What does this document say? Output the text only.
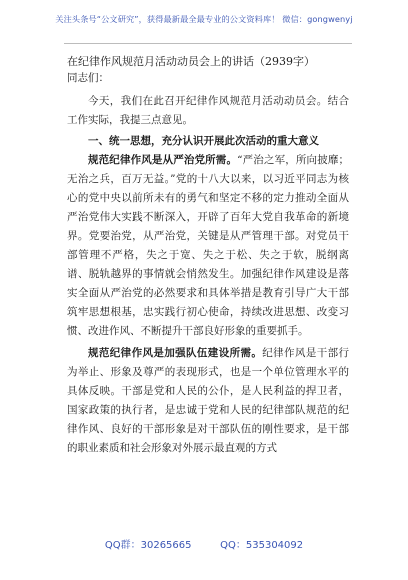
关注头条号“公文研究”，获得最新最全最专业的公文资料库！ 微信：gongwenyj

在纪律作风规范月活动动员会上的讲话（2939字）

同志们：

今天，我们在此召开纪律作风规范月活动动员会。结合工作实际，我提三点意见。

一、统一思想，充分认识开展此次活动的重大意义

规范纪律作风是从严治党所需。“严治之军，所向披靡；无治之兵，百万无益。”党的十八大以来，以习近平同志为核心的党中央以前所未有的勇气和坚定不移的定力推动全面从严治党伟大实践不断深入，开辟了百年大党自我革命的新境界。党要治党，从严治党，关键是从严管理干部。对党员干部管理不严格，失之于宽、失之于松、失之于软，脱纲离谱、脱轨越界的事情就会悄然发生。加强纪律作风建设是落实全面从严治党的必然要求和具体举措是教育引导广大干部筑牢思想根基，忠实践行初心使命，持续改进思想、改变习惯、改进作风、不断提升干部良好形象的重要抓手。

规范纪律作风是加强队伍建设所需。纪律作风是干部行为举止、形象及尊严的表现形式，也是一个单位管理水平的具体反映。干部是党和人民的公仆，是人民利益的捍卫者，国家政策的执行者，是忠诚于党和人民的纪律部队规范的纪律作风、良好的干部形象是对干部队伍的刚性要求，是干部的职业素质和社会形象对外展示最直观的方式

QQ群：30265665	QQ：535304092
